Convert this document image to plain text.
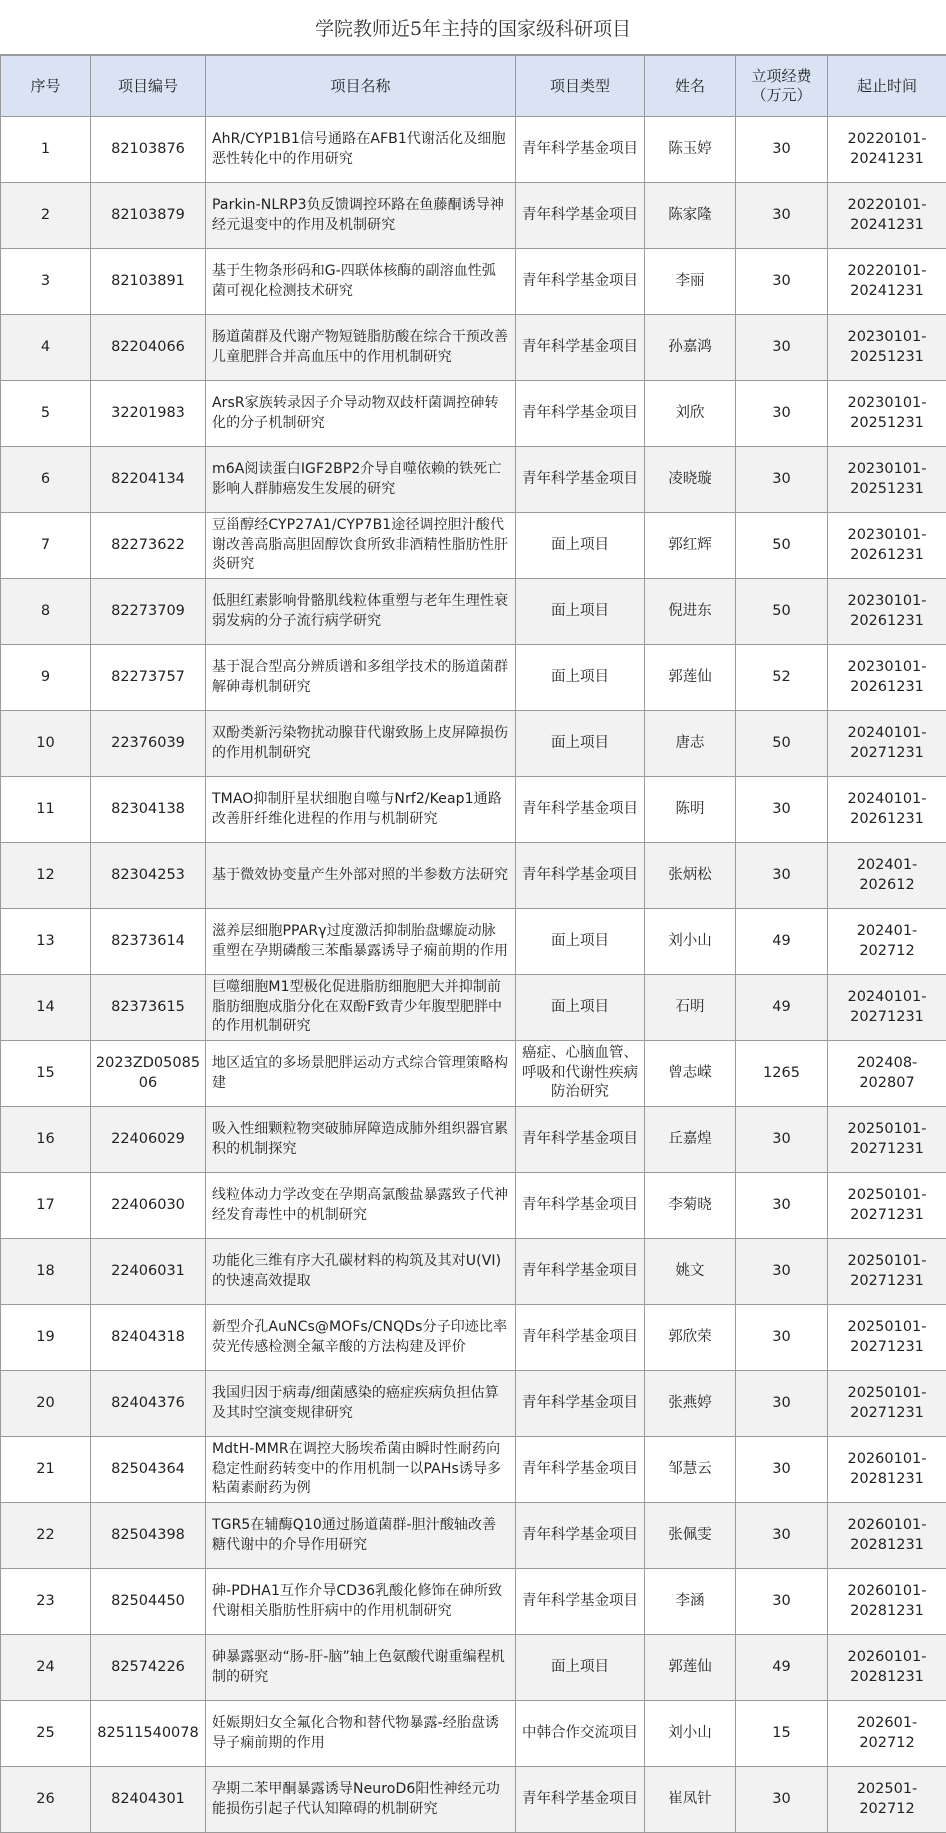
学院教师近5年主持的国家级科研项目
序号	项目编号	项目名称	项目类型	姓名	立项经费（万元）	起止时间
1	82103876	AhR/CYP1B1信号通路在AFB1代谢活化及细胞恶性转化中的作用研究	青年科学基金项目	陈玉婷	30	20220101-20241231
2	82103879	Parkin-NLRP3负反馈调控环路在鱼藤酮诱导神经元退变中的作用及机制研究	青年科学基金项目	陈家隆	30	20220101-20241231
3	82103891	基于生物条形码和G-四联体核酶的副溶血性弧菌可视化检测技术研究	青年科学基金项目	李丽	30	20220101-20241231
4	82204066	肠道菌群及代谢产物短链脂肪酸在综合干预改善儿童肥胖合并高血压中的作用机制研究	青年科学基金项目	孙嘉鸿	30	20230101-20251231
5	32201983	ArsR家族转录因子介导动物双歧杆菌调控砷转化的分子机制研究	青年科学基金项目	刘欣	30	20230101-20251231
6	82204134	m6A阅读蛋白IGF2BP2介导自噬依赖的铁死亡影响人群肺癌发生发展的研究	青年科学基金项目	凌晓璇	30	20230101-20251231
7	82273622	豆甾醇经CYP27A1/CYP7B1途径调控胆汁酸代谢改善高脂高胆固醇饮食所致非酒精性脂肪性肝炎研究	面上项目	郭红辉	50	20230101-20261231
8	82273709	低胆红素影响骨骼肌线粒体重塑与老年生理性衰弱发病的分子流行病学研究	面上项目	倪进东	50	20230101-20261231
9	82273757	基于混合型高分辨质谱和多组学技术的肠道菌群解砷毒机制研究	面上项目	郭莲仙	52	20230101-20261231
10	22376039	双酚类新污染物扰动腺苷代谢致肠上皮屏障损伤的作用机制研究	面上项目	唐志	50	20240101-20271231
11	82304138	TMAO抑制肝星状细胞自噬与Nrf2/Keap1通路改善肝纤维化进程的作用与机制研究	青年科学基金项目	陈明	30	20240101-20261231
12	82304253	基于微效协变量产生外部对照的半参数方法研究	青年科学基金项目	张炳松	30	202401-202612
13	82373614	滋养层细胞PPARγ过度激活抑制胎盘螺旋动脉重塑在孕期磷酸三苯酯暴露诱导子痫前期的作用	面上项目	刘小山	49	202401-202712
14	82373615	巨噬细胞M1型极化促进脂肪细胞肥大并抑制前脂肪细胞成脂分化在双酚F致青少年腹型肥胖中的作用机制研究	面上项目	石明	49	20240101-20271231
15	2023ZD0508506	地区适宜的多场景肥胖运动方式综合管理策略构建	癌症、心脑血管、呼吸和代谢性疾病防治研究	曾志嵘	1265	202408-202807
16	22406029	吸入性细颗粒物突破肺屏障造成肺外组织器官累积的机制探究	青年科学基金项目	丘嘉煌	30	20250101-20271231
17	22406030	线粒体动力学改变在孕期高氯酸盐暴露致子代神经发育毒性中的机制研究	青年科学基金项目	李菊晓	30	20250101-20271231
18	22406031	功能化三维有序大孔碳材料的构筑及其对U(VI)的快速高效提取	青年科学基金项目	姚文	30	20250101-20271231
19	82404318	新型介孔AuNCs@MOFs/CNQDs分子印迹比率荧光传感检测全氟辛酸的方法构建及评价	青年科学基金项目	郭欣荣	30	20250101-20271231
20	82404376	我国归因于病毒/细菌感染的癌症疾病负担估算及其时空演变规律研究	青年科学基金项目	张燕婷	30	20250101-20271231
21	82504364	MdtH-MMR在调控大肠埃希菌由瞬时性耐药向稳定性耐药转变中的作用机制一以PAHs诱导多粘菌素耐药为例	青年科学基金项目	邹慧云	30	20260101-20281231
22	82504398	TGR5在辅酶Q10通过肠道菌群-胆汁酸轴改善糖代谢中的介导作用研究	青年科学基金项目	张佩雯	30	20260101-20281231
23	82504450	砷-PDHA1互作介导CD36乳酸化修饰在砷所致代谢相关脂肪性肝病中的作用机制研究	青年科学基金项目	李涵	30	20260101-20281231
24	82574226	砷暴露驱动“肠-肝-脑”轴上色氨酸代谢重编程机制的研究	面上项目	郭莲仙	49	20260101-20281231
25	82511540078	妊娠期妇女全氟化合物和替代物暴露-经胎盘诱导子痫前期的作用	中韩合作交流项目	刘小山	15	202601-202712
26	82404301	孕期二苯甲酮暴露诱导NeuroD6阳性神经元功能损伤引起子代认知障碍的机制研究	青年科学基金项目	崔凤针	30	202501-202712
